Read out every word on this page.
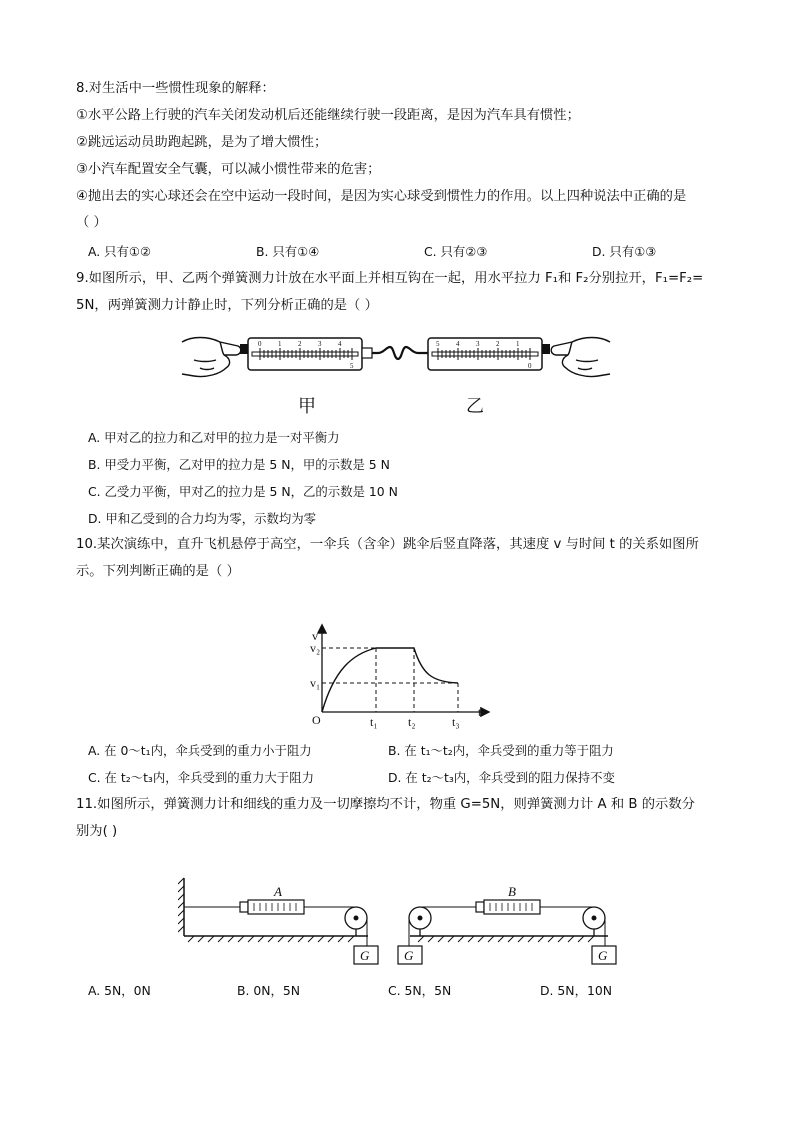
8.对生活中一些惯性现象的解释：
①水平公路上行驶的汽车关闭发动机后还能继续行驶一段距离，是因为汽车具有惯性；
②跳远运动员助跑起跳，是为了增大惯性；
③小汽车配置安全气囊，可以减小惯性带来的危害；
④抛出去的实心球还会在空中运动一段时间，是因为实心球受到惯性力的作用。以上四种说法中正确的是
（ ）
A. 只有①②	B. 只有①④	C. 只有②③	D. 只有①③
9.如图所示，甲、乙两个弹簧测力计放在水平面上并相互钩在一起，用水平拉力 F₁和 F₂分别拉开，F₁=F₂=
5N，两弹簧测力计静止时，下列分析正确的是（ ）
0 1 2 3 4
5
5 4 3 2 1
0
甲	乙
A. 甲对乙的拉力和乙对甲的拉力是一对平衡力
B. 甲受力平衡，乙对甲的拉力是 5 N，甲的示数是 5 N
C. 乙受力平衡，甲对乙的拉力是 5 N，乙的示数是 10 N
D. 甲和乙受到的合力均为零，示数均为零
10.某次演练中，直升飞机悬停于高空，一伞兵（含伞）跳伞后竖直降落，其速度 v 与时间 t 的关系如图所
示。下列判断正确的是（ ）
v
t
O
v₂
v₁
t₁	t₂	t₃
A. 在 0～t₁内，伞兵受到的重力小于阻力	B. 在 t₁～t₂内，伞兵受到的重力等于阻力
C. 在 t₂～t₃内，伞兵受到的重力大于阻力	D. 在 t₂～t₃内，伞兵受到的阻力保持不变
11.如图所示，弹簧测力计和细线的重力及一切摩擦均不计，物重 G=5N，则弹簧测力计 A 和 B 的示数分
别为( )
A
G
B
G	G
A. 5N，0N	B. 0N，5N	C. 5N，5N	D. 5N，10N
